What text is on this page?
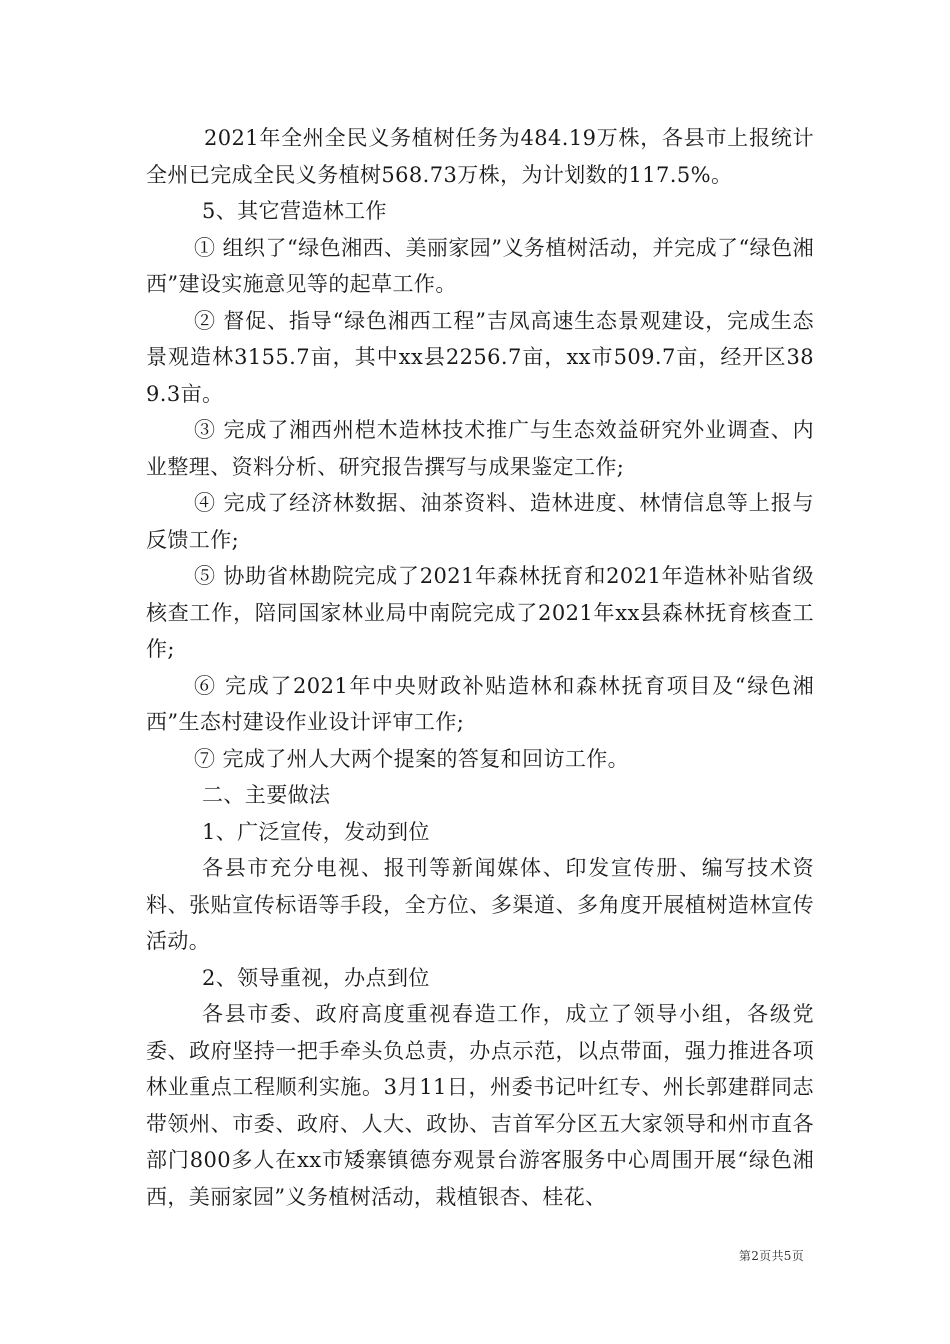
2021年全州全民义务植树任务为484.19万株，各县市上报统计全州已完成全民义务植树568.73万株，为计划数的117.5%。

5、其它营造林工作

① 组织了“绿色湘西、美丽家园”义务植树活动，并完成了“绿色湘西”建设实施意见等的起草工作。

② 督促、指导“绿色湘西工程”吉凤高速生态景观建设，完成生态景观造林3155.7亩，其中xx县2256.7亩，xx市509.7亩，经开区389.3亩。

③ 完成了湘西州桤木造林技术推广与生态效益研究外业调查、内业整理、资料分析、研究报告撰写与成果鉴定工作;

④ 完成了经济林数据、油茶资料、造林进度、林情信息等上报与反馈工作;

⑤ 协助省林勘院完成了2021年森林抚育和2021年造林补贴省级核查工作，陪同国家林业局中南院完成了2021年xx县森林抚育核查工作;

⑥ 完成了2021年中央财政补贴造林和森林抚育项目及“绿色湘西”生态村建设作业设计评审工作;

⑦ 完成了州人大两个提案的答复和回访工作。

二、主要做法

1、广泛宣传，发动到位

各县市充分电视、报刊等新闻媒体、印发宣传册、编写技术资料、张贴宣传标语等手段，全方位、多渠道、多角度开展植树造林宣传活动。

2、领导重视，办点到位

各县市委、政府高度重视春造工作，成立了领导小组，各级党委、政府坚持一把手牵头负总责，办点示范，以点带面，强力推进各项林业重点工程顺利实施。3月11日，州委书记叶红专、州长郭建群同志带领州、市委、政府、人大、政协、吉首军分区五大家领导和州市直各部门800多人在xx市矮寨镇德夯观景台游客服务中心周围开展“绿色湘西，美丽家园”义务植树活动，栽植银杏、桂花、

第2页共5页
